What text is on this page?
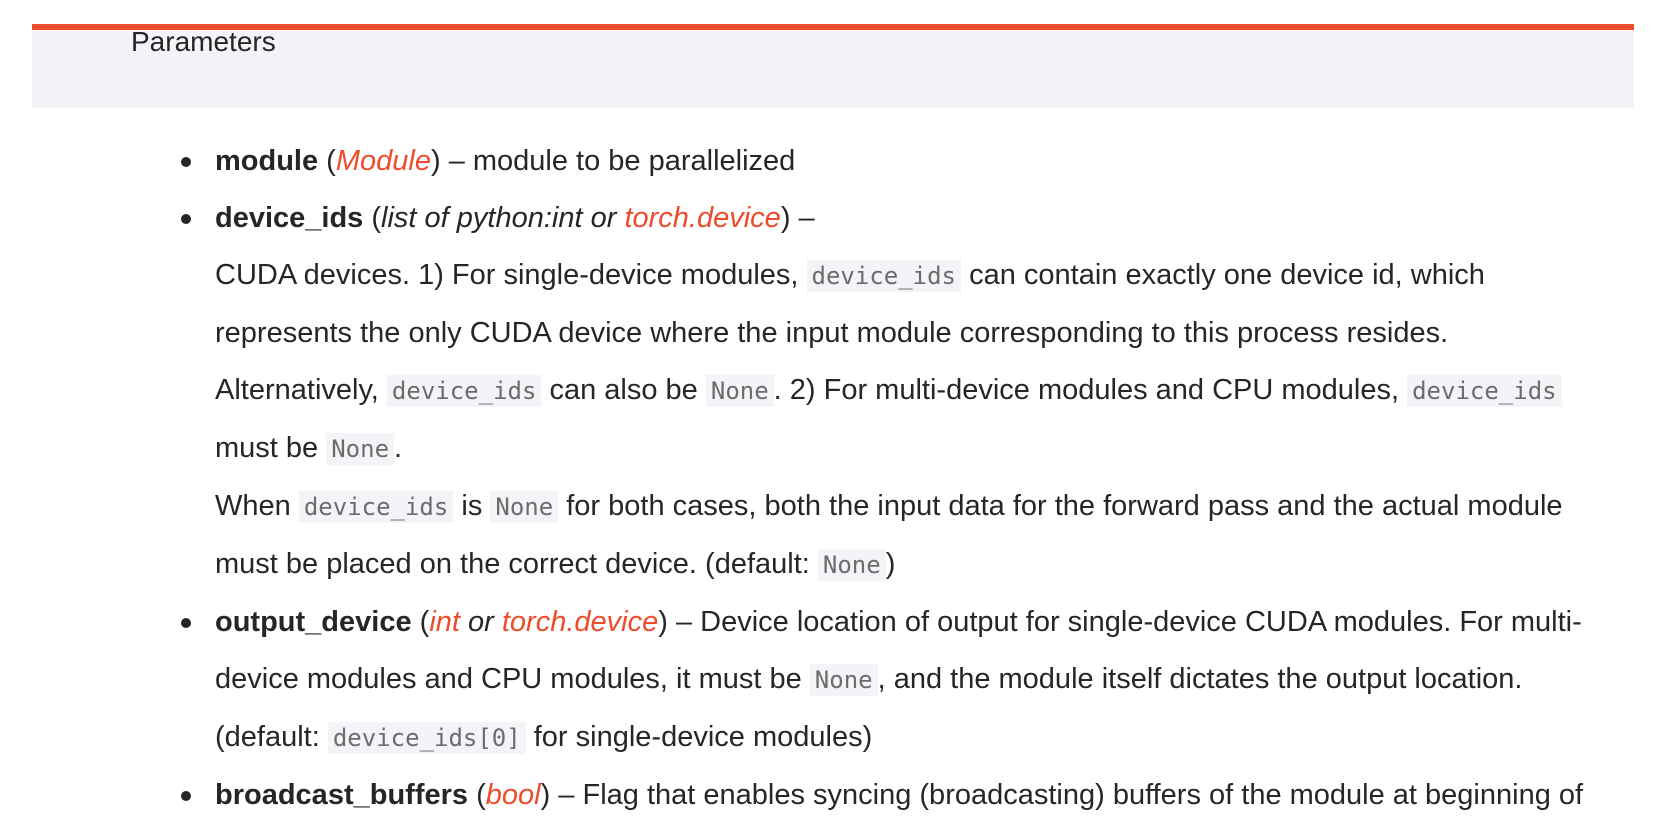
Parameters
module (Module) – module to be parallelized
device_ids (list of python:int or torch.device) –
CUDA devices. 1) For single-device modules, device_ids can contain exactly one device id, which
represents the only CUDA device where the input module corresponding to this process resides.
Alternatively, device_ids can also be None . 2) For multi-device modules and CPU modules, device_ids
must be None .
When device_ids is None for both cases, both the input data for the forward pass and the actual module
must be placed on the correct device. (default: None )
output_device (int or torch.device) – Device location of output for single-device CUDA modules. For multi-
device modules and CPU modules, it must be None , and the module itself dictates the output location.
(default: device_ids[0] for single-device modules)
broadcast_buffers (bool) – Flag that enables syncing (broadcasting) buffers of the module at beginning of
